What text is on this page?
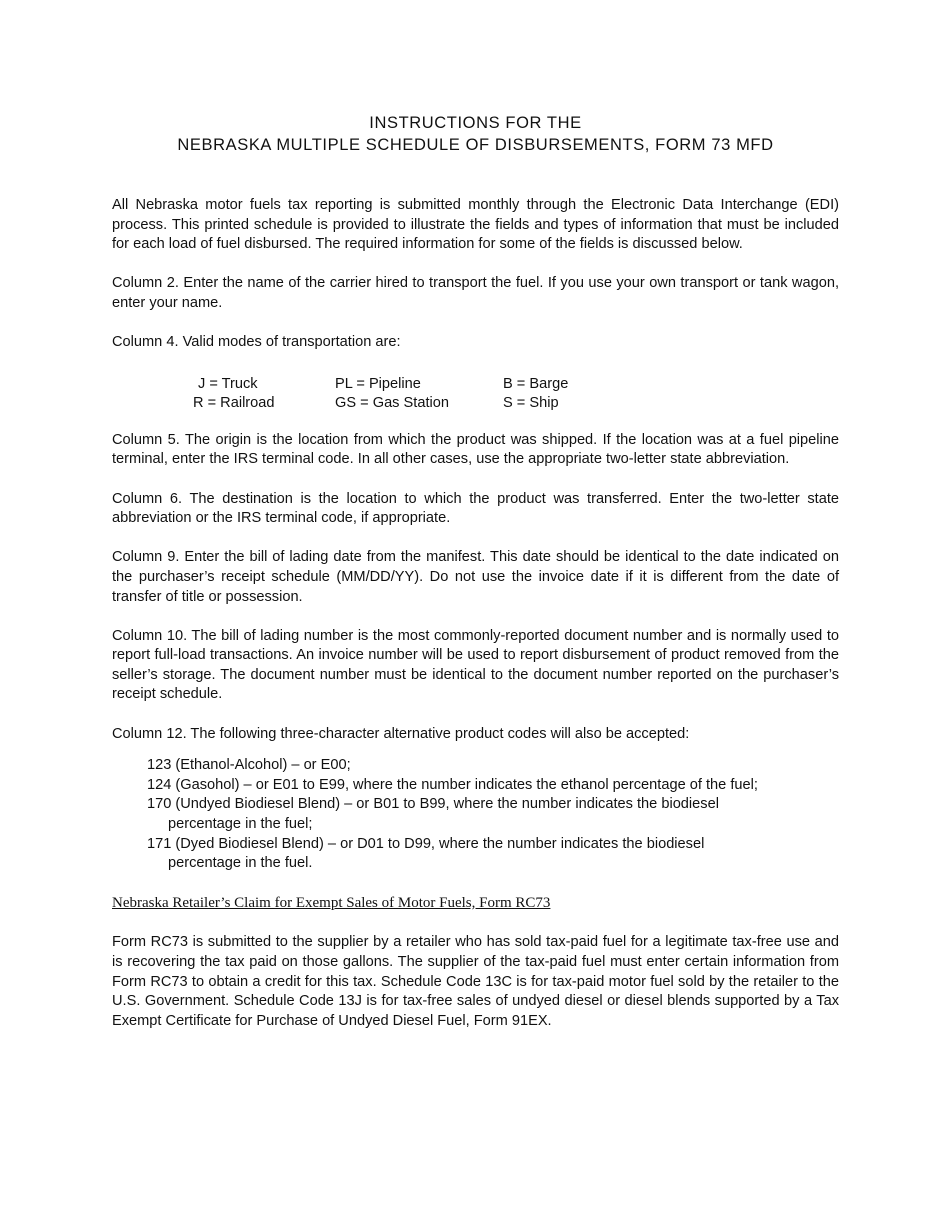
INSTRUCTIONS FOR THE
NEBRASKA MULTIPLE SCHEDULE OF DISBURSEMENTS, FORM 73 MFD

All Nebraska motor fuels tax reporting is submitted monthly through the Electronic Data Interchange (EDI) process. This printed schedule is provided to illustrate the fields and types of information that must be included for each load of fuel disbursed. The required information for some of the fields is discussed below.

Column 2. Enter the name of the carrier hired to transport the fuel. If you use your own transport or tank wagon, enter your name.

Column 4. Valid modes of transportation are:

J = Truck	PL = Pipeline	B = Barge
R = Railroad	GS = Gas Station	S = Ship

Column 5. The origin is the location from which the product was shipped. If the location was at a fuel pipeline terminal, enter the IRS terminal code. In all other cases, use the appropriate two-letter state abbreviation.

Column 6. The destination is the location to which the product was transferred. Enter the two-letter state abbreviation or the IRS terminal code, if appropriate.

Column 9. Enter the bill of lading date from the manifest. This date should be identical to the date indicated on the purchaser’s receipt schedule (MM/DD/YY). Do not use the invoice date if it is different from the date of transfer of title or possession.

Column 10. The bill of lading number is the most commonly-reported document number and is normally used to report full-load transactions. An invoice number will be used to report disbursement of product removed from the seller’s storage. The document number must be identical to the document number reported on the purchaser’s receipt schedule.

Column 12. The following three-character alternative product codes will also be accepted:

123 (Ethanol-Alcohol) – or E00;
124 (Gasohol) – or E01 to E99, where the number indicates the ethanol percentage of the fuel;
170 (Undyed Biodiesel Blend) – or B01 to B99, where the number indicates the biodiesel
percentage in the fuel;
171 (Dyed Biodiesel Blend) – or D01 to D99, where the number indicates the biodiesel
percentage in the fuel.
Nebraska Retailer’s Claim for Exempt Sales of Motor Fuels, Form RC73

Form RC73 is submitted to the supplier by a retailer who has sold tax-paid fuel for a legitimate tax-free use and is recovering the tax paid on those gallons. The supplier of the tax-paid fuel must enter certain information from Form RC73 to obtain a credit for this tax. Schedule Code 13C is for tax-paid motor fuel sold by the retailer to the U.S. Government. Schedule Code 13J is for tax-free sales of undyed diesel or diesel blends supported by a Tax Exempt Certificate for Purchase of Undyed Diesel Fuel, Form 91EX.
